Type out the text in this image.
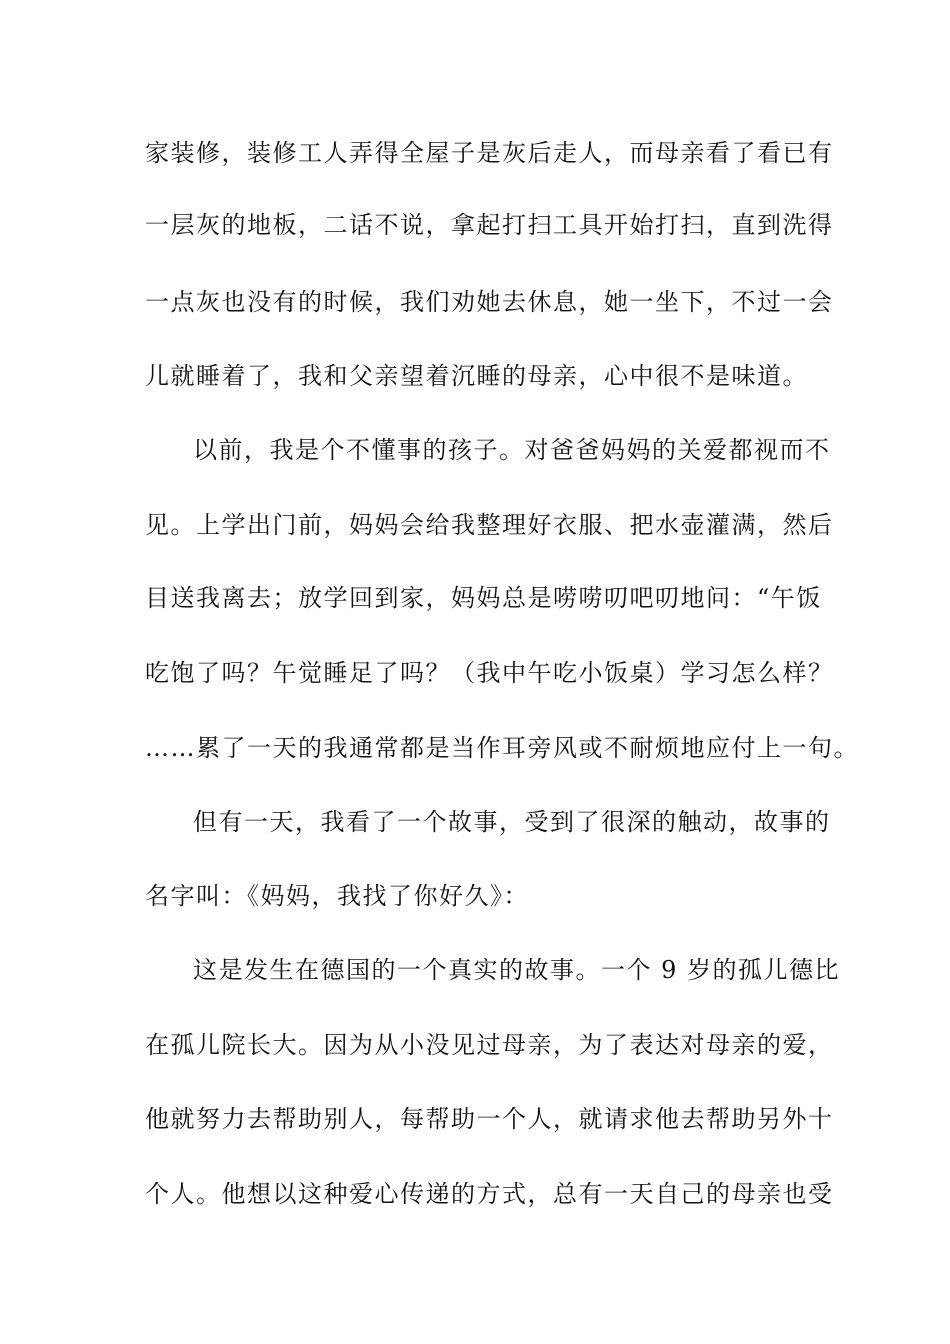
家装修，装修工人弄得全屋子是灰后走人，而母亲看了看已有
一层灰的地板，二话不说，拿起打扫工具开始打扫，直到洗得
一点灰也没有的时候，我们劝她去休息，她一坐下，不过一会
儿就睡着了，我和父亲望着沉睡的母亲，心中很不是味道。
以前，我是个不懂事的孩子。对爸爸妈妈的关爱都视而不
见。上学出门前，妈妈会给我整理好衣服、把水壶灌满，然后
目送我离去；放学回到家，妈妈总是唠唠叨吧叨地问：“午饭
吃饱了吗？午觉睡足了吗？（我中午吃小饭桌）学习怎么样？
……累了一天的我通常都是当作耳旁风或不耐烦地应付上一句。
但有一天，我看了一个故事，受到了很深的触动，故事的
名字叫：《妈妈，我找了你好久》：
这是发生在德国的一个真实的故事。一个 9 岁的孤儿德比
在孤儿院长大。因为从小没见过母亲，为了表达对母亲的爱，
他就努力去帮助别人，每帮助一个人，就请求他去帮助另外十
个人。他想以这种爱心传递的方式，总有一天自己的母亲也受
